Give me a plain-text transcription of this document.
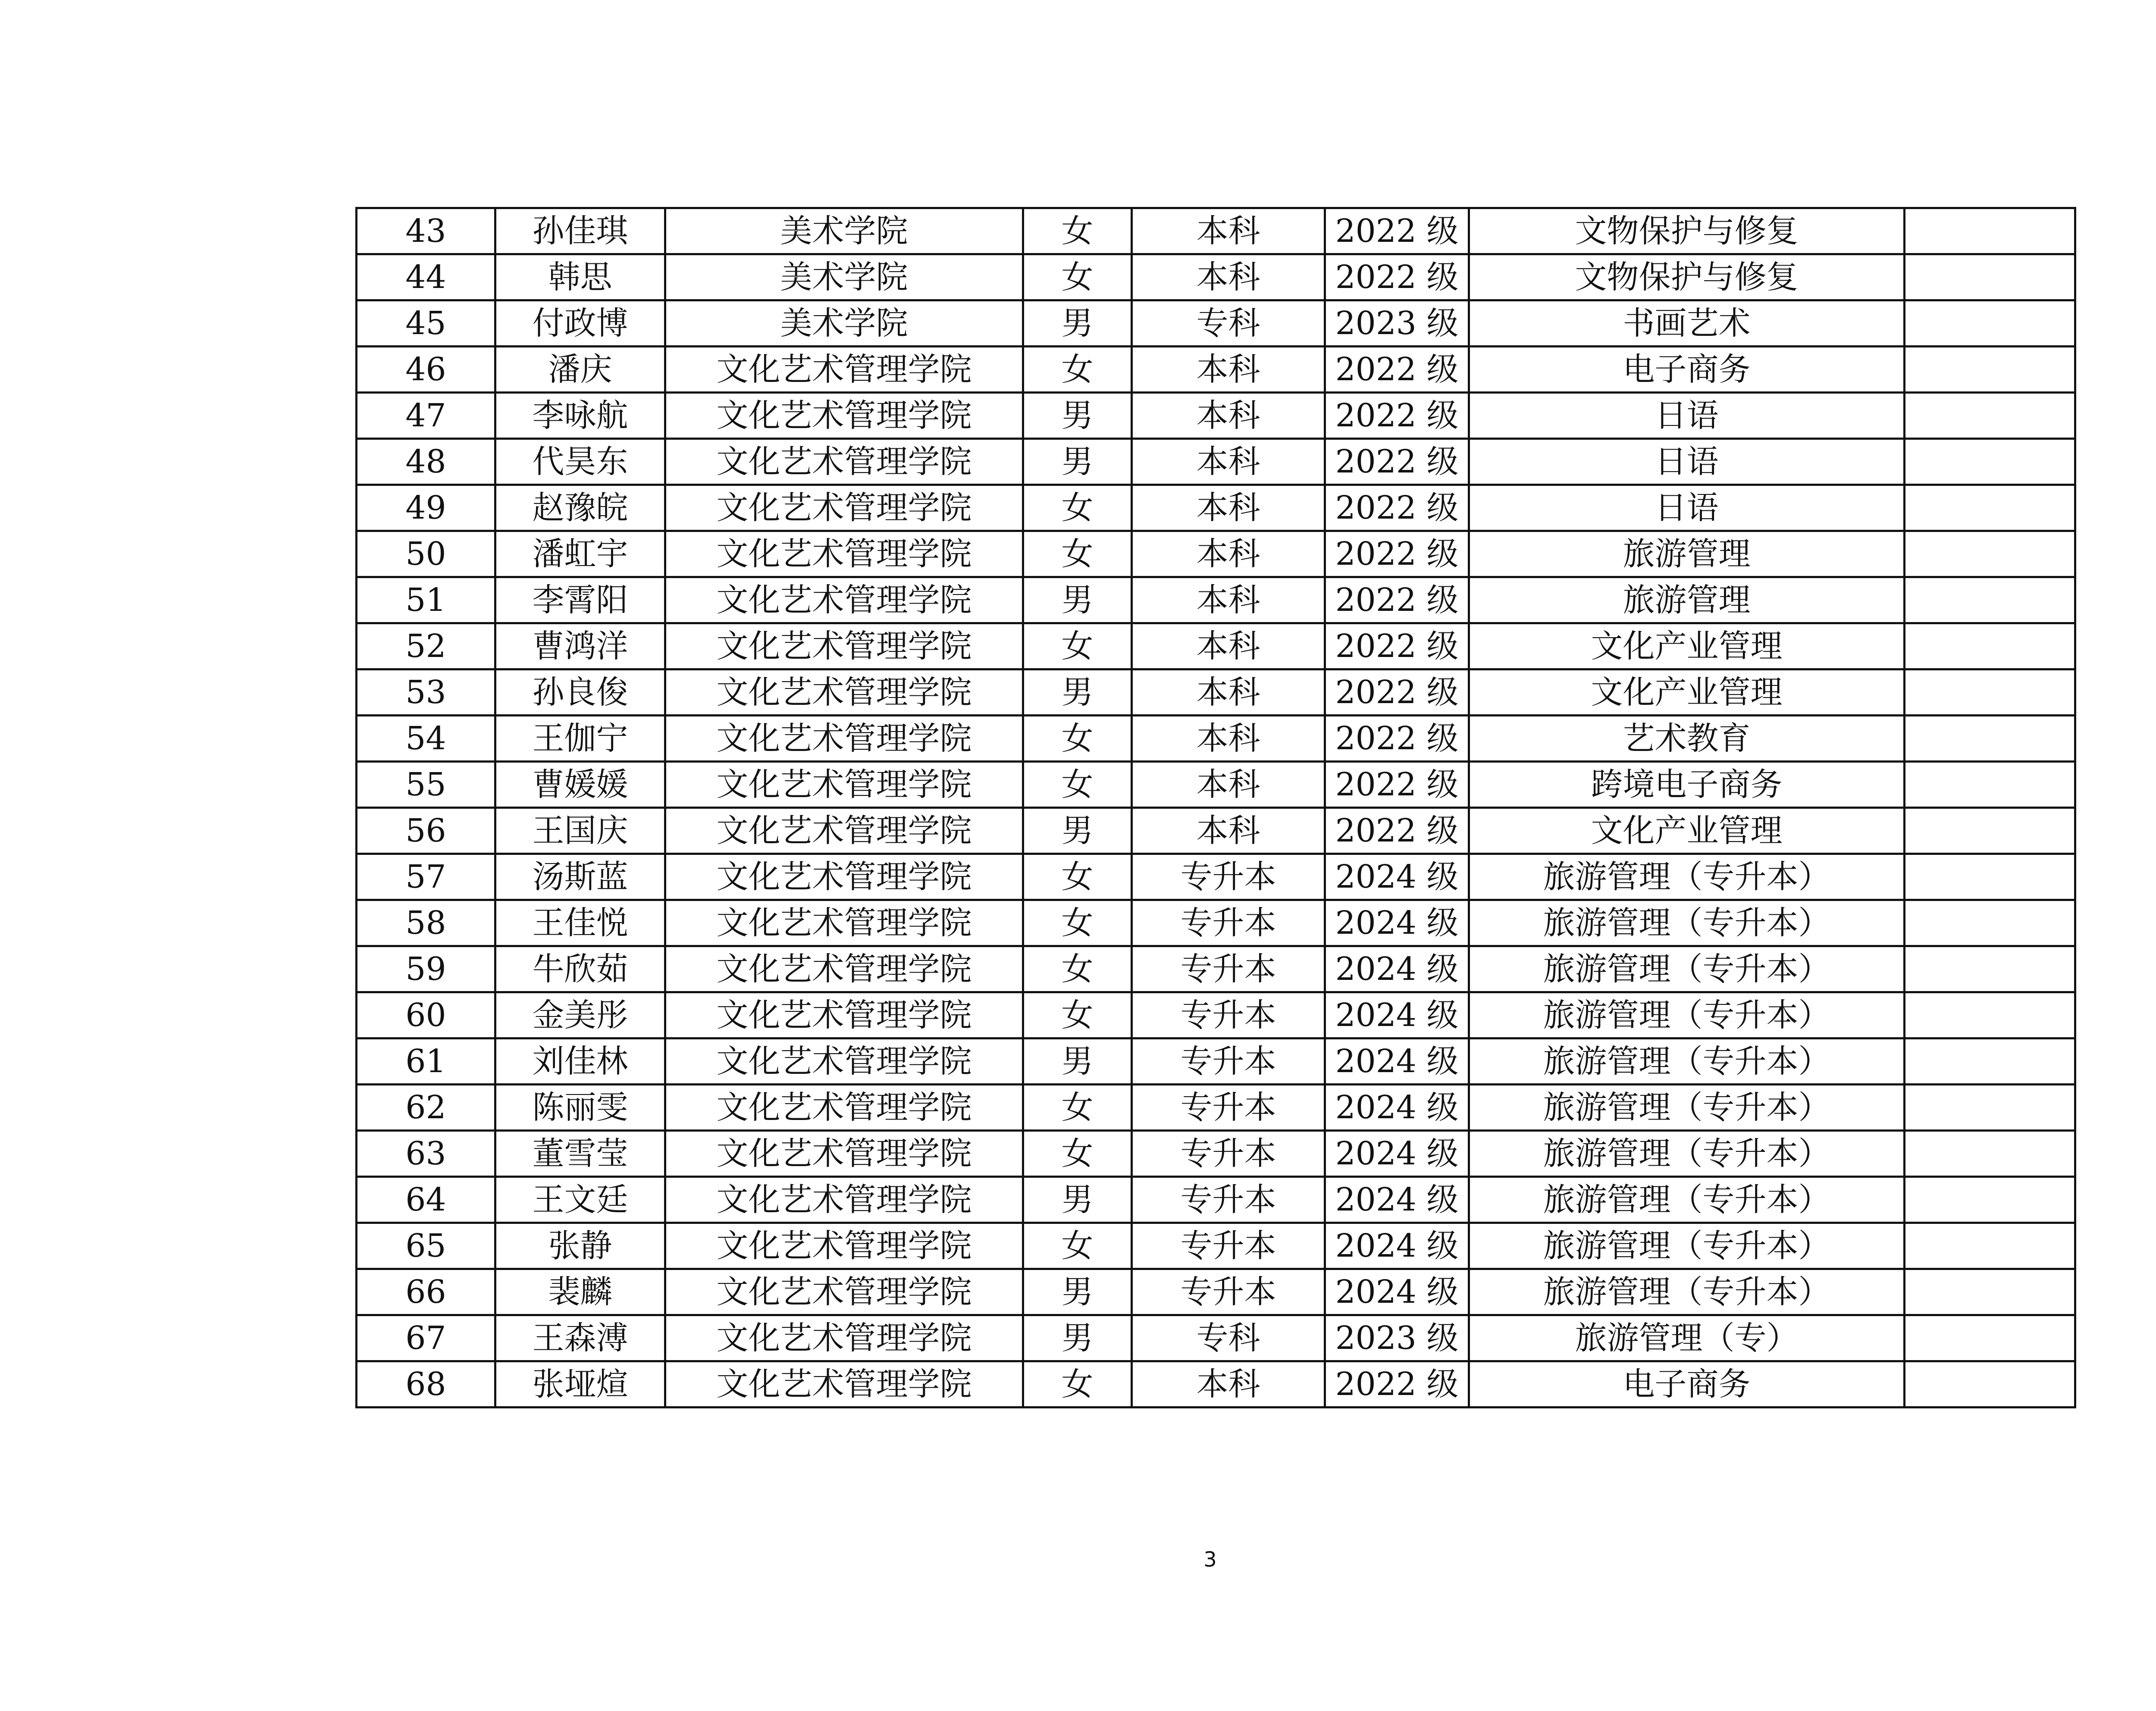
43	孙佳琪	美术学院	女	本科	2022 级	文物保护与修复	
44	韩思	美术学院	女	本科	2022 级	文物保护与修复	
45	付政博	美术学院	男	专科	2023 级	书画艺术	
46	潘庆	文化艺术管理学院	女	本科	2022 级	电子商务	
47	李咏航	文化艺术管理学院	男	本科	2022 级	日语	
48	代昊东	文化艺术管理学院	男	本科	2022 级	日语	
49	赵豫皖	文化艺术管理学院	女	本科	2022 级	日语	
50	潘虹宇	文化艺术管理学院	女	本科	2022 级	旅游管理	
51	李霄阳	文化艺术管理学院	男	本科	2022 级	旅游管理	
52	曹鸿洋	文化艺术管理学院	女	本科	2022 级	文化产业管理	
53	孙良俊	文化艺术管理学院	男	本科	2022 级	文化产业管理	
54	王伽宁	文化艺术管理学院	女	本科	2022 级	艺术教育	
55	曹媛媛	文化艺术管理学院	女	本科	2022 级	跨境电子商务	
56	王国庆	文化艺术管理学院	男	本科	2022 级	文化产业管理	
57	汤斯蓝	文化艺术管理学院	女	专升本	2024 级	旅游管理（专升本）	
58	王佳悦	文化艺术管理学院	女	专升本	2024 级	旅游管理（专升本）	
59	牛欣茹	文化艺术管理学院	女	专升本	2024 级	旅游管理（专升本）	
60	金美彤	文化艺术管理学院	女	专升本	2024 级	旅游管理（专升本）	
61	刘佳林	文化艺术管理学院	男	专升本	2024 级	旅游管理（专升本）	
62	陈丽雯	文化艺术管理学院	女	专升本	2024 级	旅游管理（专升本）	
63	董雪莹	文化艺术管理学院	女	专升本	2024 级	旅游管理（专升本）	
64	王文廷	文化艺术管理学院	男	专升本	2024 级	旅游管理（专升本）	
65	张静	文化艺术管理学院	女	专升本	2024 级	旅游管理（专升本）	
66	裴麟	文化艺术管理学院	男	专升本	2024 级	旅游管理（专升本）	
67	王森溥	文化艺术管理学院	男	专科	2023 级	旅游管理（专）	
68	张垭煊	文化艺术管理学院	女	本科	2022 级	电子商务	
3
